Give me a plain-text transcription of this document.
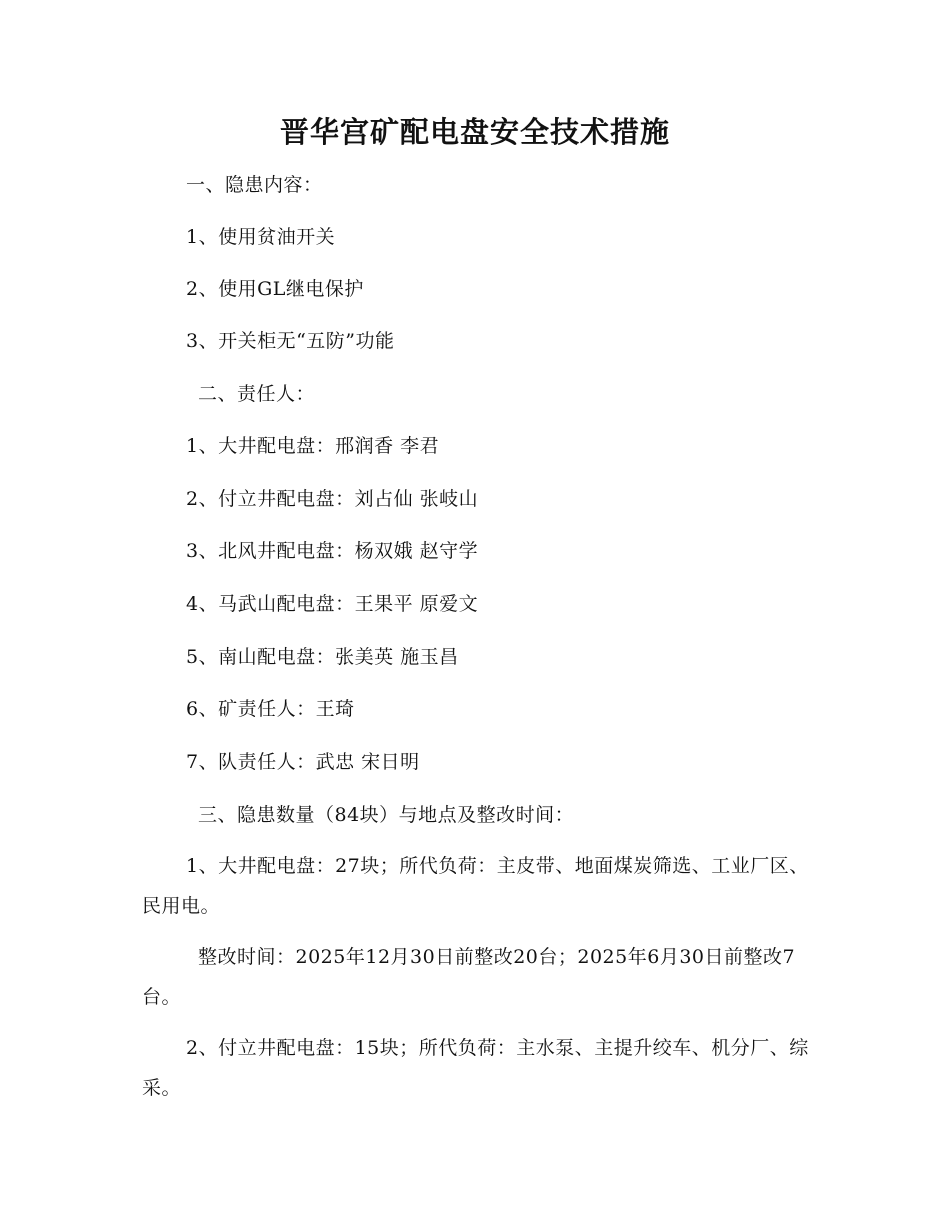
晋华宫矿配电盘安全技术措施
一、隐患内容：
1、使用贫油开关
2、使用GL继电保护
3、开关柜无“五防”功能
二、责任人：
1、大井配电盘：邢润香 李君
2、付立井配电盘：刘占仙 张岐山
3、北风井配电盘：杨双娥 赵守学
4、马武山配电盘：王果平 原爱文
5、南山配电盘：张美英 施玉昌
6、矿责任人：王琦
7、队责任人：武忠 宋日明
三、隐患数量（84块）与地点及整改时间：
1、大井配电盘：27块；所代负荷：主皮带、地面煤炭筛选、工业厂区、民用电。
整改时间：2025年12月30日前整改20台；2025年6月30日前整改7台。
2、付立井配电盘：15块；所代负荷：主水泵、主提升绞车、机分厂、综采。
